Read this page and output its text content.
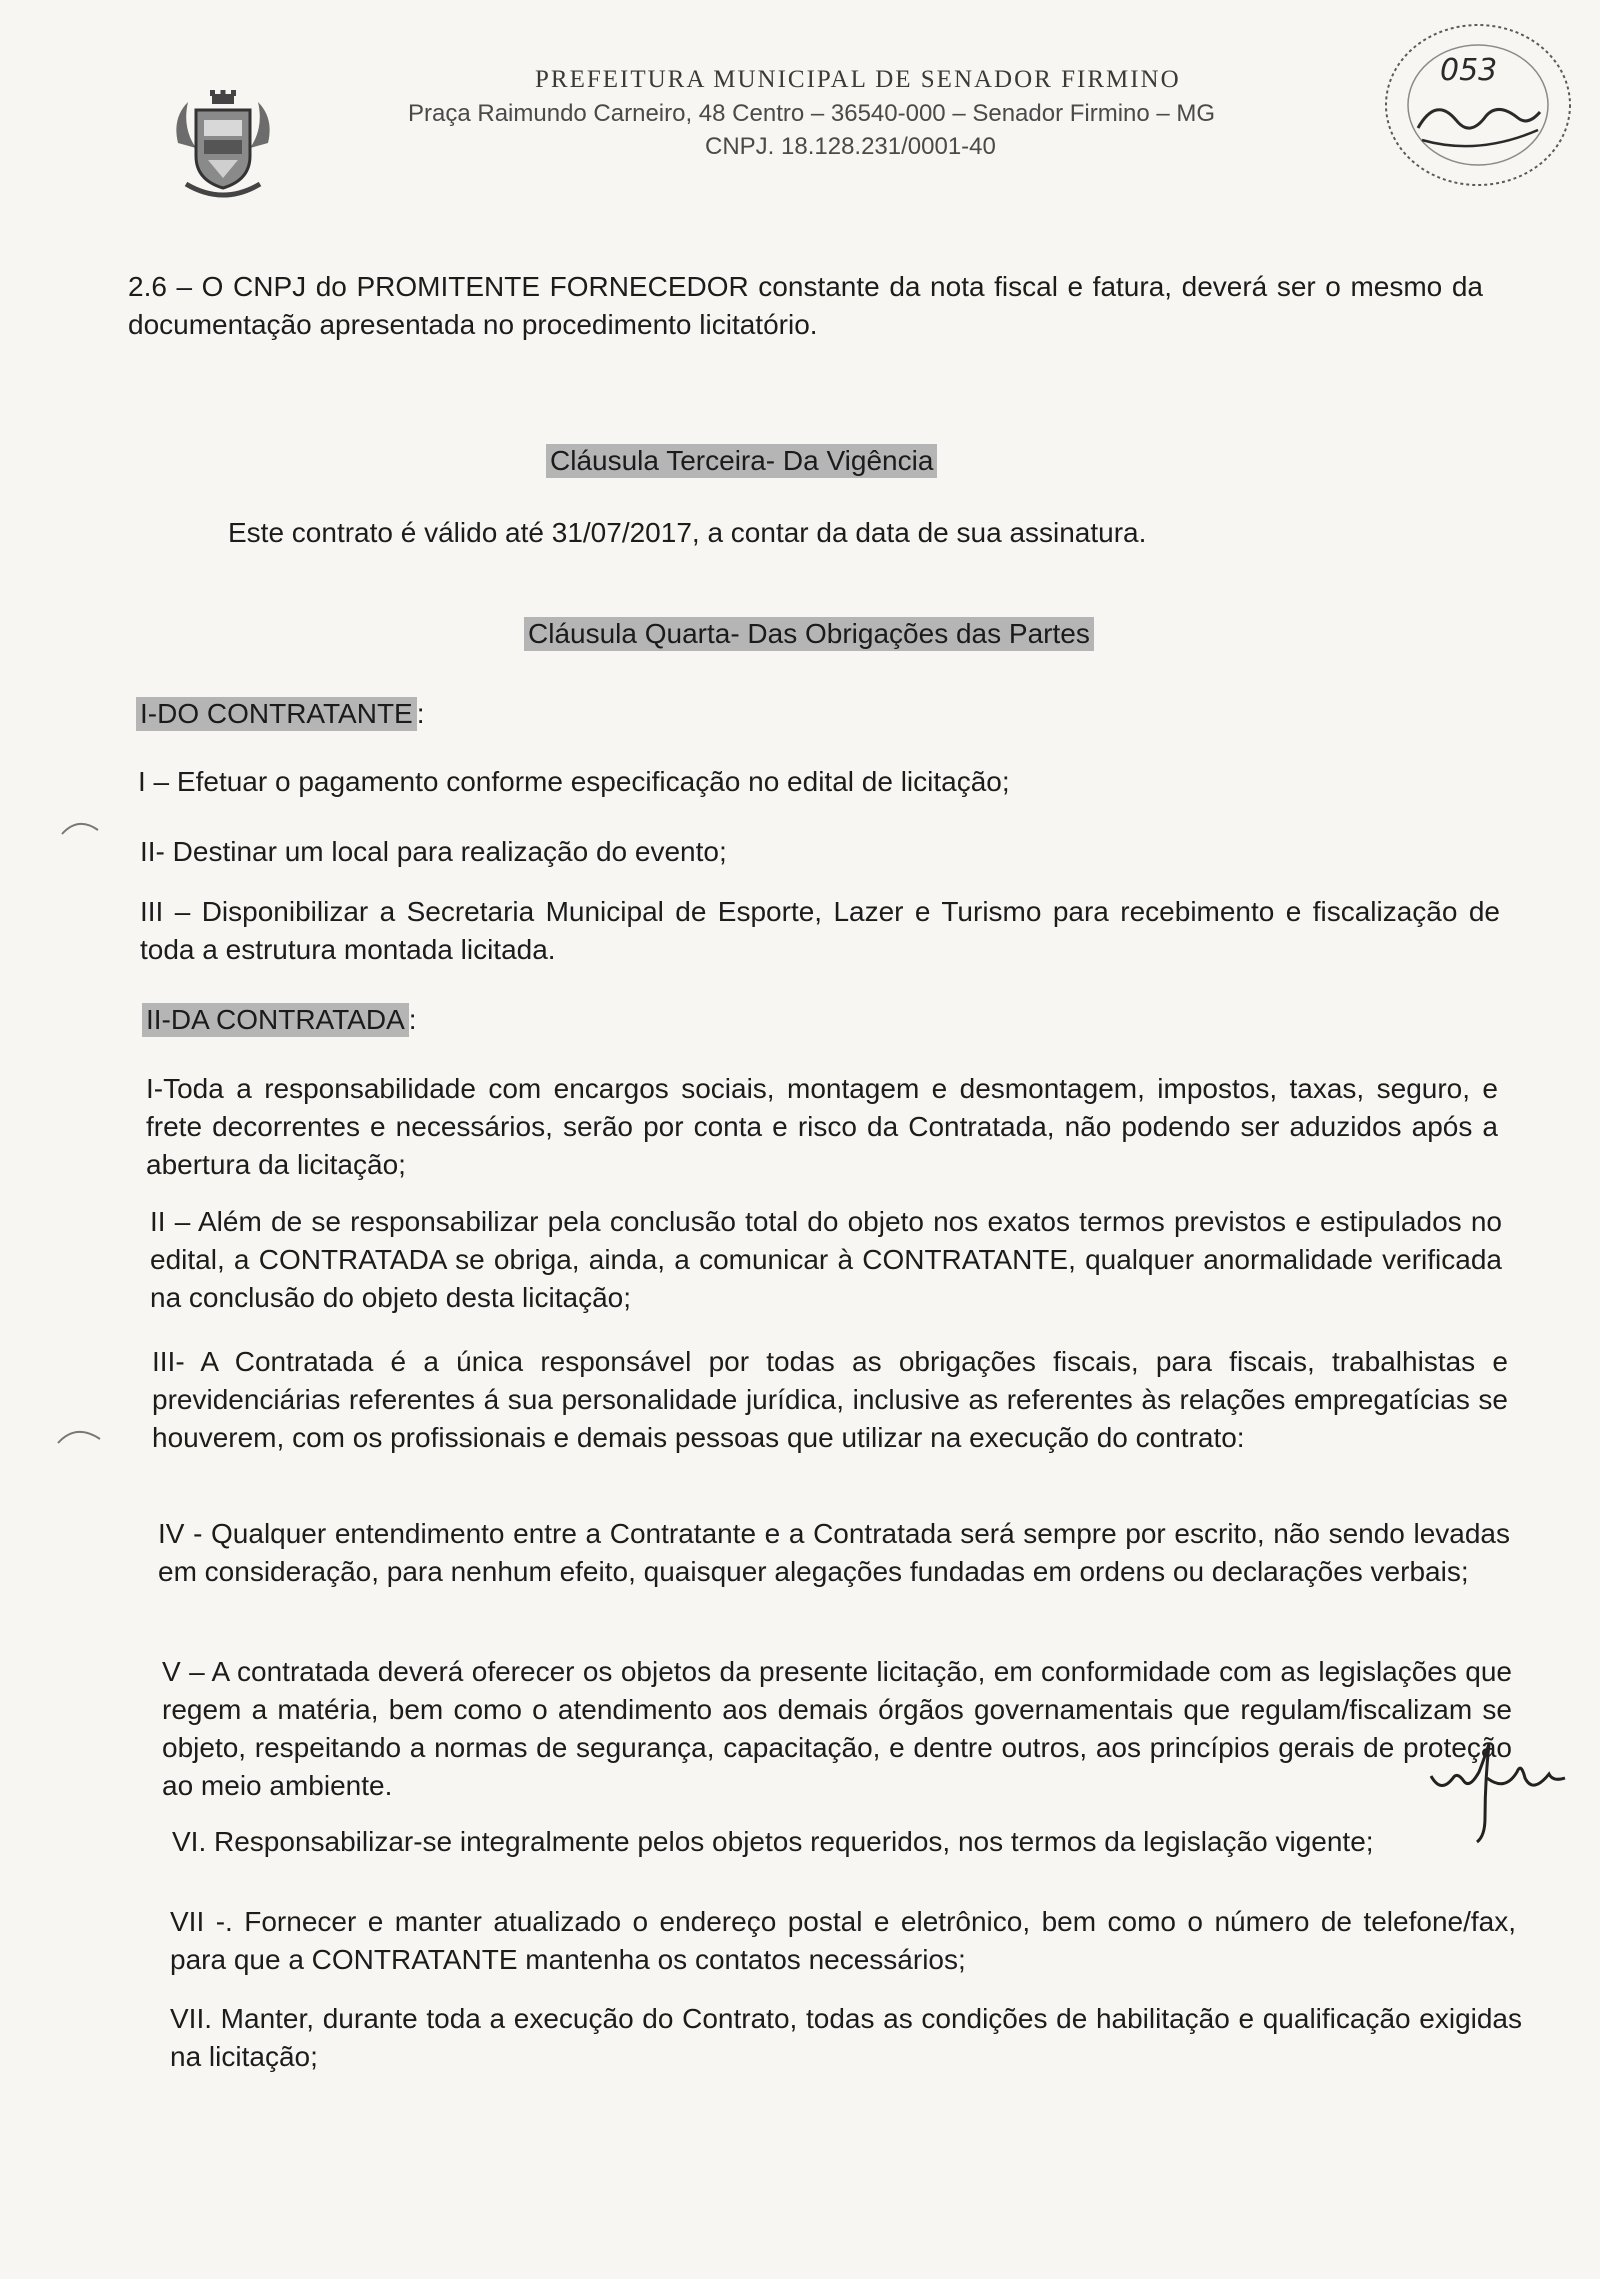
PREFEITURA MUNICIPAL DE SENADOR FIRMINO
Praça Raimundo Carneiro, 48 Centro – 36540-000 – Senador Firmino – MG
CNPJ. 18.128.231/0001-40
053
2.6 – O CNPJ do PROMITENTE FORNECEDOR constante da nota fiscal e fatura, deverá ser o mesmo da documentação apresentada no procedimento licitatório.
Cláusula Terceira- Da Vigência
Este contrato é válido até 31/07/2017, a contar da data de sua assinatura.
Cláusula Quarta- Das Obrigações das Partes
I-DO CONTRATANTE :
I – Efetuar o pagamento conforme especificação no edital de licitação;
II- Destinar um local para realização do evento;
III – Disponibilizar a Secretaria Municipal de Esporte, Lazer e Turismo para recebimento e fiscalização de toda a estrutura montada licitada.
II-DA CONTRATADA :
I-Toda a responsabilidade com encargos sociais, montagem e desmontagem, impostos, taxas, seguro, e frete decorrentes e necessários, serão por conta e risco da Contratada, não podendo ser aduzidos após a abertura da licitação;
II – Além de se responsabilizar pela conclusão total do objeto nos exatos termos previstos e estipulados no edital, a CONTRATADA se obriga, ainda, a comunicar à CONTRATANTE, qualquer anormalidade verificada na conclusão do objeto desta licitação;
III- A Contratada é a única responsável por todas as obrigações fiscais, para fiscais, trabalhistas e previdenciárias referentes á sua personalidade jurídica, inclusive as referentes às relações empregatícias se houverem, com os profissionais e demais pessoas que utilizar na execução do contrato:
IV - Qualquer entendimento entre a Contratante e a Contratada será sempre por escrito, não sendo levadas em consideração, para nenhum efeito, quaisquer alegações fundadas em ordens ou declarações verbais;
V – A contratada deverá oferecer os objetos da presente licitação, em conformidade com as legislações que regem a matéria, bem como o atendimento aos demais órgãos governamentais que regulam/fiscalizam se objeto, respeitando a normas de segurança, capacitação, e dentre outros, aos princípios gerais de proteção ao meio ambiente.
VI. Responsabilizar-se integralmente pelos objetos requeridos, nos termos da legislação vigente;
VII -. Fornecer e manter atualizado o endereço postal e eletrônico, bem como o número de telefone/fax, para que a CONTRATANTE mantenha os contatos necessários;
VII. Manter, durante toda a execução do Contrato, todas as condições de habilitação e qualificação exigidas na licitação;
